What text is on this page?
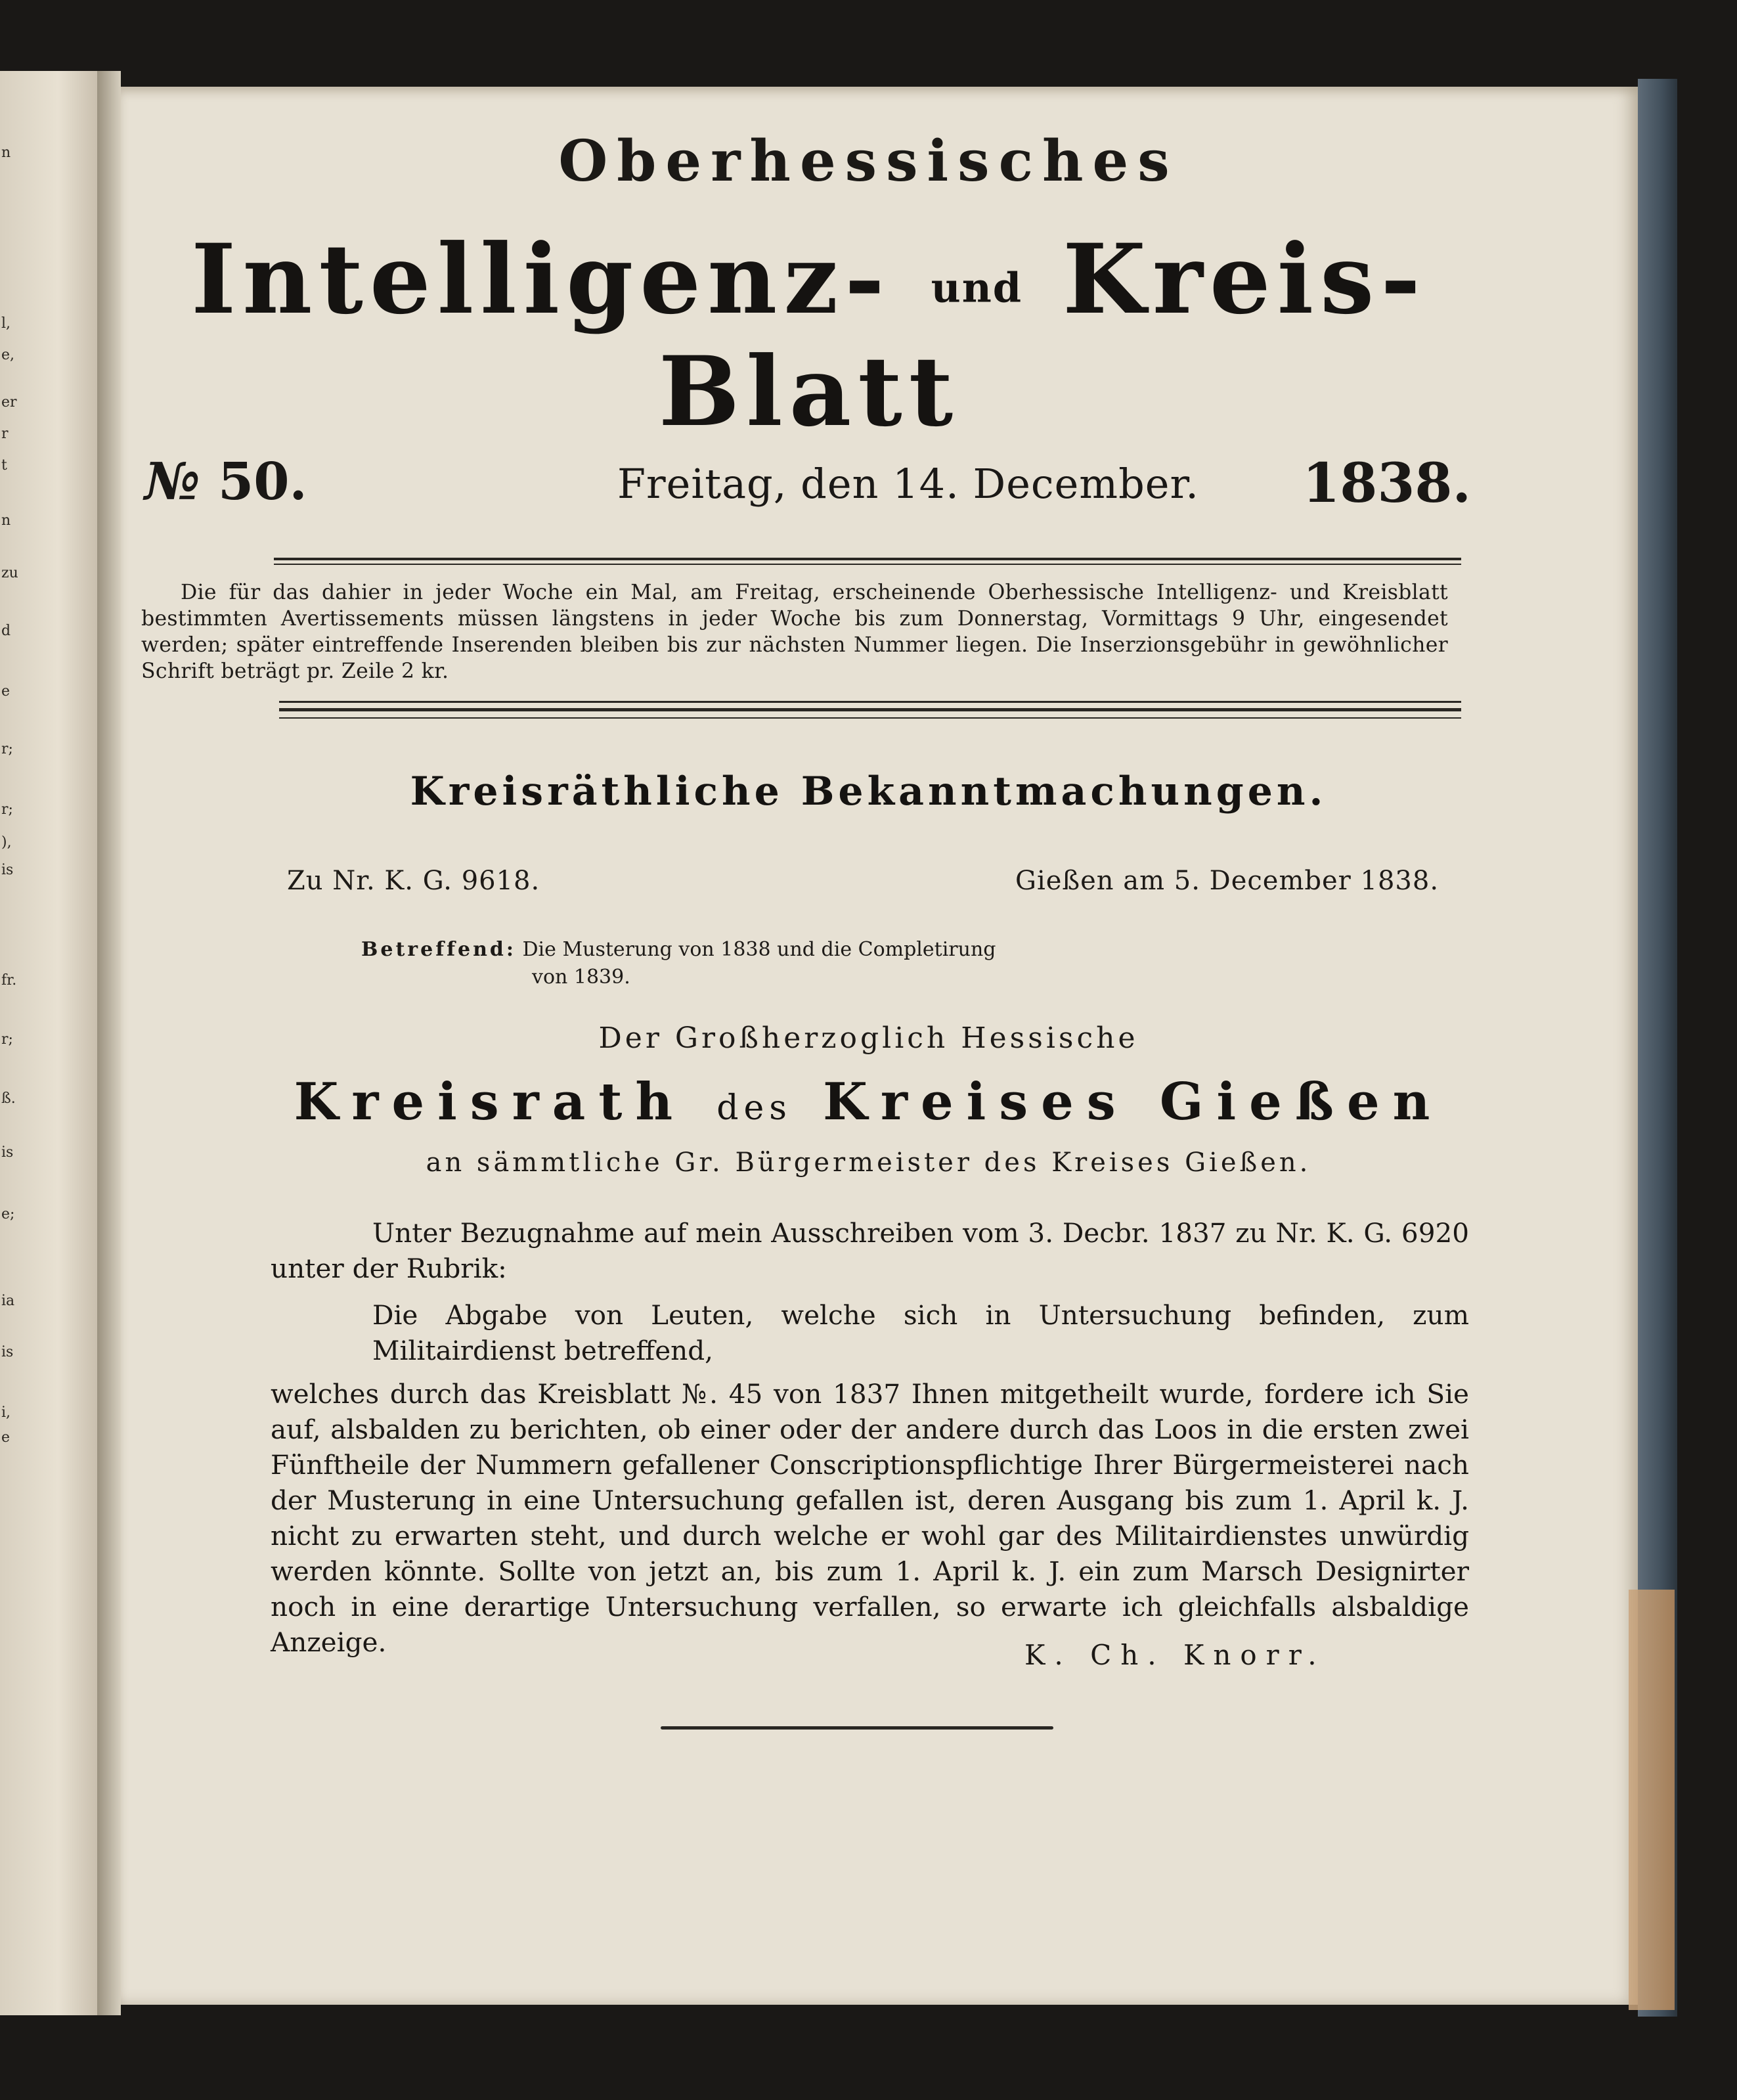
n
l,
e,
er
r
t
n
zu
d
e
r;
r;
),
is
fr.
r;
ß.
is
e;
ia
is
i,
e
Oberhessisches
Intelligenz- und Kreis-Blatt
№ 50.	Freitag, den 14. December. 1838.
Die für das dahier in jeder Woche ein Mal, am Freitag, erscheinende Oberhessische Intelligenz- und Kreisblatt bestimmten Avertissements müssen längstens in jeder Woche bis zum Donnerstag, Vormittags 9 Uhr, eingesendet werden; später eintreffende Inserenden bleiben bis zur nächsten Nummer liegen. Die Inserzionsgebühr in gewöhnlicher Schrift beträgt pr. Zeile 2 kr.
Kreisräthliche Bekanntmachungen.
Zu Nr. K. G. 9618.	Gießen am 5. December 1838.
Betreffend: Die Musterung von 1838 und die Completirung
von 1839.
Der Großherzoglich Hessische
Kreisrath des Kreises Gießen
an sämmtliche Gr. Bürgermeister des Kreises Gießen.
Unter Bezugnahme auf mein Ausschreiben vom 3. Decbr. 1837 zu Nr. K. G. 6920 unter der Rubrik:
Die Abgabe von Leuten, welche sich in Untersuchung befinden, zum Militairdienst betreffend,
welches durch das Kreisblatt №. 45 von 1837 Ihnen mitgetheilt wurde, fordere ich Sie auf, alsbalden zu berichten, ob einer oder der andere durch das Loos in die ersten zwei Fünftheile der Nummern gefallener Conscriptionspflichtige Ihrer Bürgermeisterei nach der Musterung in eine Untersuchung gefallen ist, deren Ausgang bis zum 1. April k. J. nicht zu erwarten steht, und durch welche er wohl gar des Militairdienstes unwürdig werden könnte. Sollte von jetzt an, bis zum 1. April k. J. ein zum Marsch Designirter noch in eine derartige Untersuchung verfallen, so erwarte ich gleichfalls alsbaldige Anzeige.	K. Ch. Knorr.
